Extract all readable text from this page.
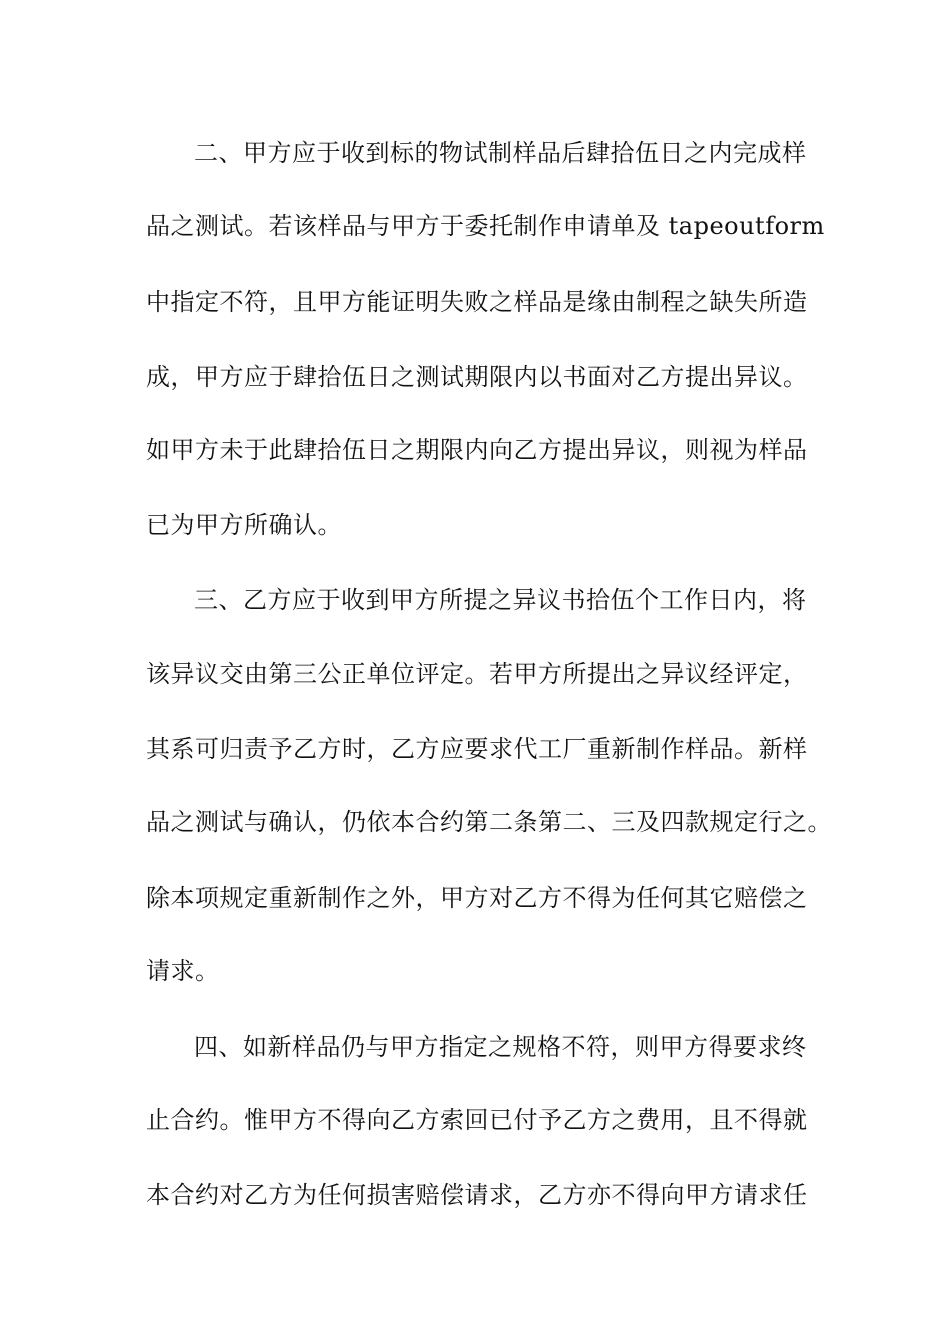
二、甲方应于收到标的物试制样品后肆拾伍日之内完成样
品之测试。若该样品与甲方于委托制作申请单及 tapeoutform
中指定不符，且甲方能证明失败之样品是缘由制程之缺失所造
成，甲方应于肆拾伍日之测试期限内以书面对乙方提出异议。
如甲方未于此肆拾伍日之期限内向乙方提出异议，则视为样品
已为甲方所确认。
三、乙方应于收到甲方所提之异议书拾伍个工作日内，将
该异议交由第三公正单位评定。若甲方所提出之异议经评定，
其系可归责予乙方时，乙方应要求代工厂重新制作样品。新样
品之测试与确认，仍依本合约第二条第二、三及四款规定行之。
除本项规定重新制作之外，甲方对乙方不得为任何其它赔偿之
请求。
四、如新样品仍与甲方指定之规格不符，则甲方得要求终
止合约。惟甲方不得向乙方索回已付予乙方之费用，且不得就
本合约对乙方为任何损害赔偿请求，乙方亦不得向甲方请求任
